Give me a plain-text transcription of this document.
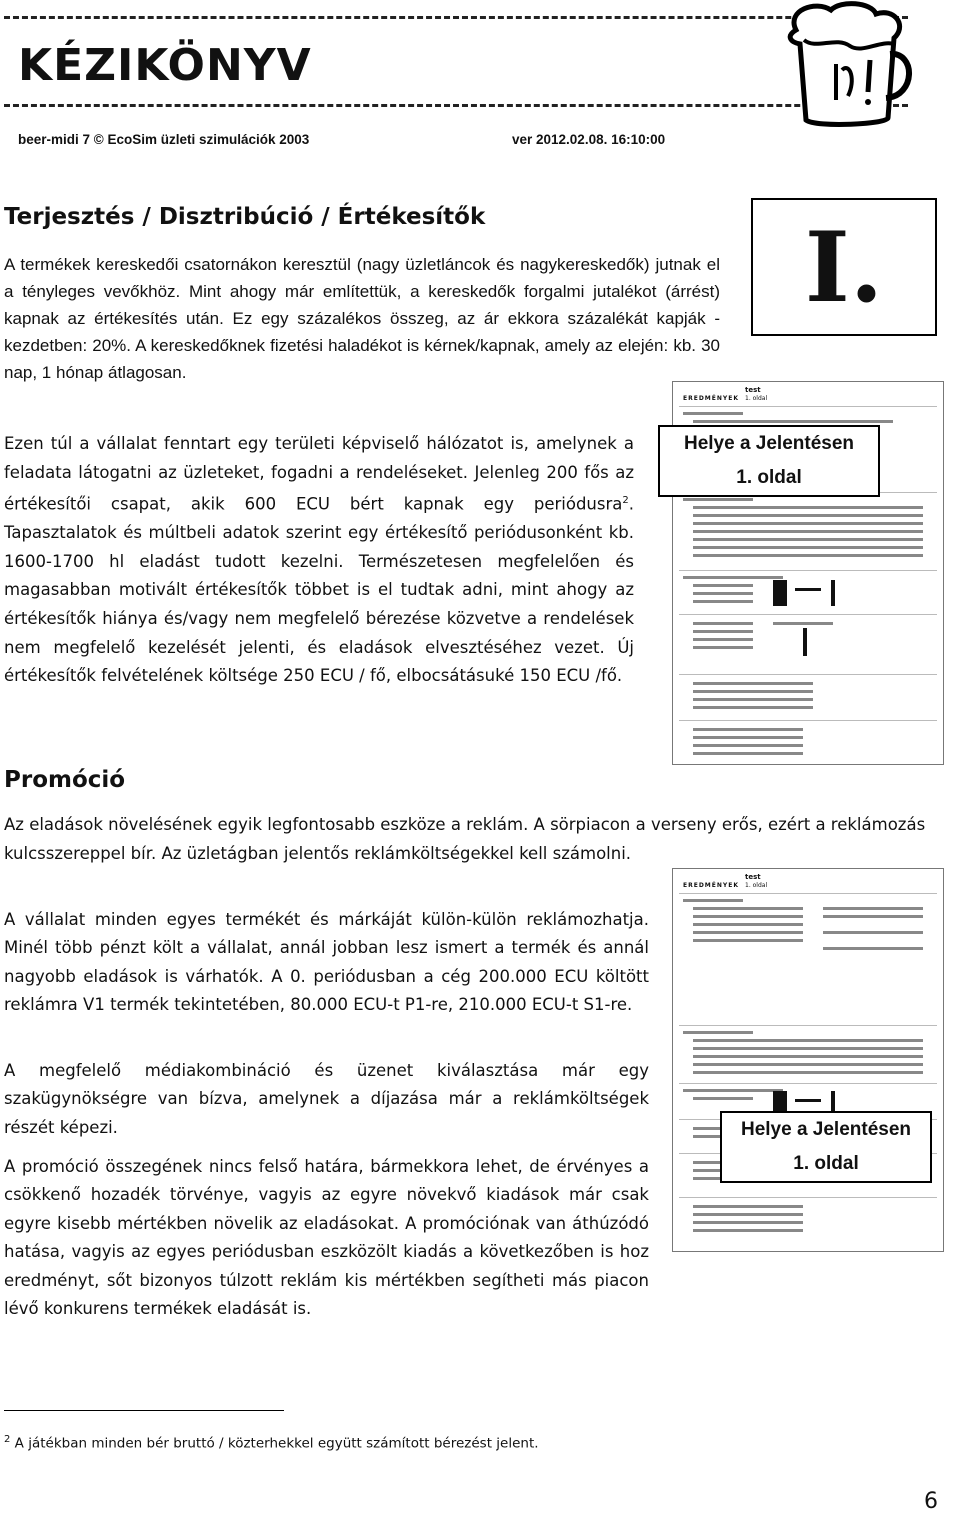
KÉZIKÖNYV
beer-midi 7 © EcoSim üzleti szimulációk 2003	ver 2012.02.08. 16:10:00
Terjesztés / Disztribúció / Értékesítők

A termékek kereskedői csatornákon keresztül (nagy üzletláncok és nagykereskedők) jutnak el a tényleges vevőkhöz. Mint ahogy már említettük, a kereskedők forgalmi jutalékot (árrést) kapnak az értékesítés után. Ez egy százalékos összeg, az ár ekkora százalékát kapják - kezdetben: 20%. A kereskedőknek fizetési haladékot is kérnek/kapnak, amely az elején: kb. 30 nap, 1 hónap átlagosan.

I.

Ezen túl a vállalat fenntart egy területi képviselő hálózatot is, amelynek a feladata látogatni az üzleteket, fogadni a rendeléseket. Jelenleg 200 fős az értékesítői csapat, akik 600 ECU bért kapnak egy periódusra$^2$. Tapasztalatok és múltbeli adatok szerint egy értékesítő periódusonként kb. 1600-1700 hl eladást tudott kezelni. Természetesen megfelelően és magasabban motivált értékesítők többet is el tudtak adni, mint ahogy az értékesítők hiánya és/vagy nem megfelelő bérezése közvetve a rendelések nem megfelelő kezelését jelenti, és eladások elvesztéséhez vezet. Új értékesítők felvételének költsége 250 ECU / fő, elbocsátásuké 150 ECU /fő.

test
EREDMÉNYEK 1. oldal
Helye a Jelentésen
1. oldal
Promóció

Az eladások növelésének egyik legfontosabb eszköze a reklám. A sörpiacon a verseny erős, ezért a reklámozás kulcsszereppel bír. Az üzletágban jelentős reklámköltségekkel kell számolni.

A vállalat minden egyes termékét és márkáját külön-külön reklámozhatja. Minél több pénzt költ a vállalat, annál jobban lesz ismert a termék és annál nagyobb eladások is várhatók. A 0. periódusban a cég 200.000 ECU költött reklámra V1 termék tekintetében, 80.000 ECU-t P1-re, 210.000 ECU-t S1-re.

A megfelelő médiakombináció és üzenet kiválasztása már egy szakügynökségre van bízva, amelynek a díjazása már a reklámköltségek részét képezi.

A promóció összegének nincs felső határa, bármekkora lehet, de érvényes a csökkenő hozadék törvénye, vagyis az egyre növekvő kiadások már csak egyre kisebb mértékben növelik az eladásokat. A promóciónak van áthúzódó hatása, vagyis az egyes periódusban eszközölt kiadás a következőben is hoz eredményt, sőt bizonyos túlzott reklám kis mértékben segítheti más piacon lévő konkurens termékek eladását is.

test
EREDMÉNYEK 1. oldal
Helye a Jelentésen
1. oldal
$^2$ A játékban minden bér bruttó / közterhekkel együtt számított bérezést jelent.
6
